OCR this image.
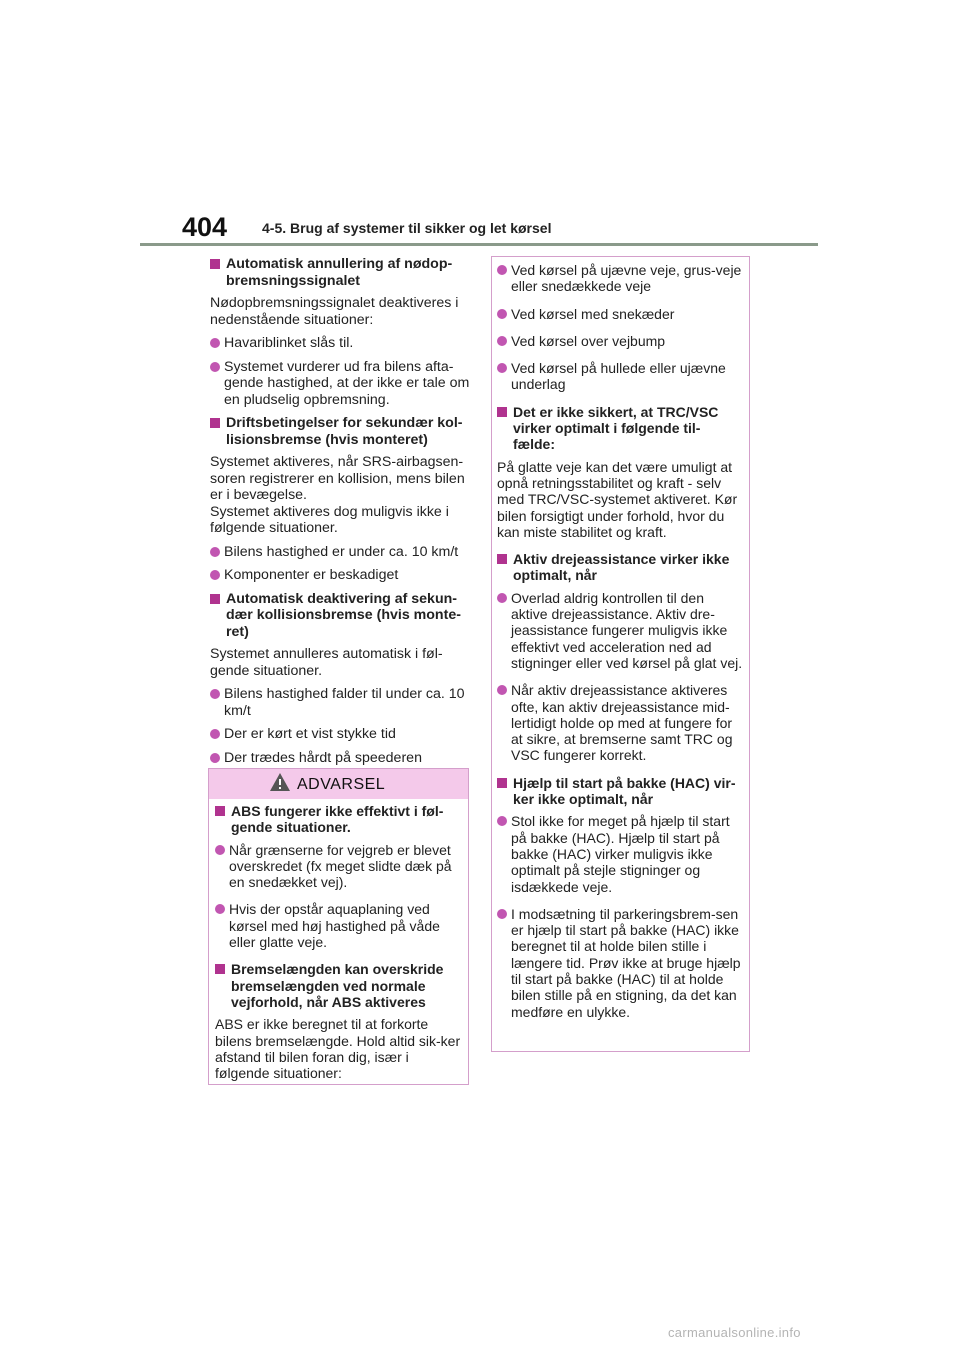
404 4-5. Brug af systemer til sikker og let kørsel
Automatisk annullering af nødop-
bremsningssignalet
Nødopbremsningssignalet deaktiveres i nedenstående situationer:
Havariblinket slås til.
Systemet vurderer ud fra bilens afta-gende hastighed, at der ikke er tale om en pludselig opbremsning.
Driftsbetingelser for sekundær kol-
lisionsbremse (hvis monteret)
Systemet aktiveres, når SRS-airbagsen-soren registrerer en kollision, mens bilen er i bevægelse.
Systemet aktiveres dog muligvis ikke i følgende situationer.
Bilens hastighed er under ca. 10 km/t
Komponenter er beskadiget
Automatisk deaktivering af sekun-
dær kollisionsbremse (hvis monte-
ret)
Systemet annulleres automatisk i føl-gende situationer.
Bilens hastighed falder til under ca. 10 km/t
Der er kørt et vist stykke tid
Der trædes hårdt på speederen
ADVARSEL
ABS fungerer ikke effektivt i føl-
gende situationer.
Når grænserne for vejgreb er blevet overskredet (fx meget slidte dæk på en snedækket vej).
Hvis der opstår aquaplaning ved kørsel med høj hastighed på våde eller glatte veje.
Bremselængden kan overskride
bremselængden ved normale
vejforhold, når ABS aktiveres
ABS er ikke beregnet til at forkorte bilens bremselængde. Hold altid sik-ker afstand til bilen foran dig, især i følgende situationer:
Ved kørsel på ujævne veje, grus-veje eller snedækkede veje
Ved kørsel med snekæder
Ved kørsel over vejbump
Ved kørsel på hullede eller ujævne underlag
Det er ikke sikkert, at TRC/VSC
virker optimalt i følgende til-
fælde:
På glatte veje kan det være umuligt at opnå retningsstabilitet og kraft - selv med TRC/VSC-systemet aktiveret. Kør bilen forsigtigt under forhold, hvor du kan miste stabilitet og kraft.
Aktiv drejeassistance virker ikke
optimalt, når
Overlad aldrig kontrollen til den aktive drejeassistance. Aktiv dre-jeassistance fungerer muligvis ikke effektivt ved acceleration ned ad stigninger eller ved kørsel på glat vej.
Når aktiv drejeassistance aktiveres ofte, kan aktiv drejeassistance mid-lertidigt holde op med at fungere for at sikre, at bremserne samt TRC og VSC fungerer korrekt.
Hjælp til start på bakke (HAC) vir-
ker ikke optimalt, når
Stol ikke for meget på hjælp til start på bakke (HAC). Hjælp til start på bakke (HAC) virker muligvis ikke optimalt på stejle stigninger og isdækkede veje.
I modsætning til parkeringsbrem-sen er hjælp til start på bakke (HAC) ikke beregnet til at holde bilen stille i længere tid. Prøv ikke at bruge hjælp til start på bakke (HAC) til at holde bilen stille på en stigning, da det kan medføre en ulykke.
carmanualsonline.info
